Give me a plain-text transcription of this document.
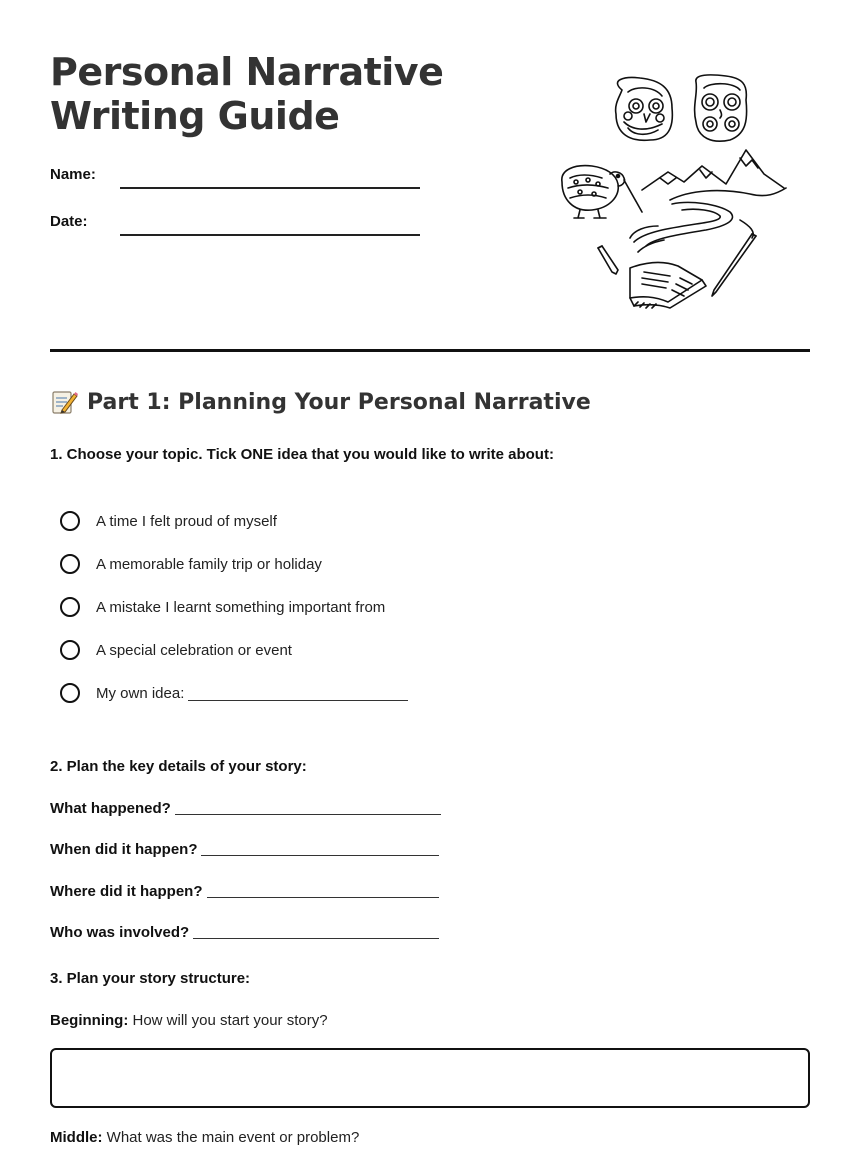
Personal Narrative
Writing Guide
Name:
Date:
Part 1: Planning Your Personal Narrative
1. Choose your topic. Tick ONE idea that you would like to write about:
A time I felt proud of myself
A memorable family trip or holiday
A mistake I learnt something important from
A special celebration or event
My own idea:
2. Plan the key details of your story:
What happened?
When did it happen?
Where did it happen?
Who was involved?
3. Plan your story structure:
Beginning: How will you start your story?
Middle: What was the main event or problem?
